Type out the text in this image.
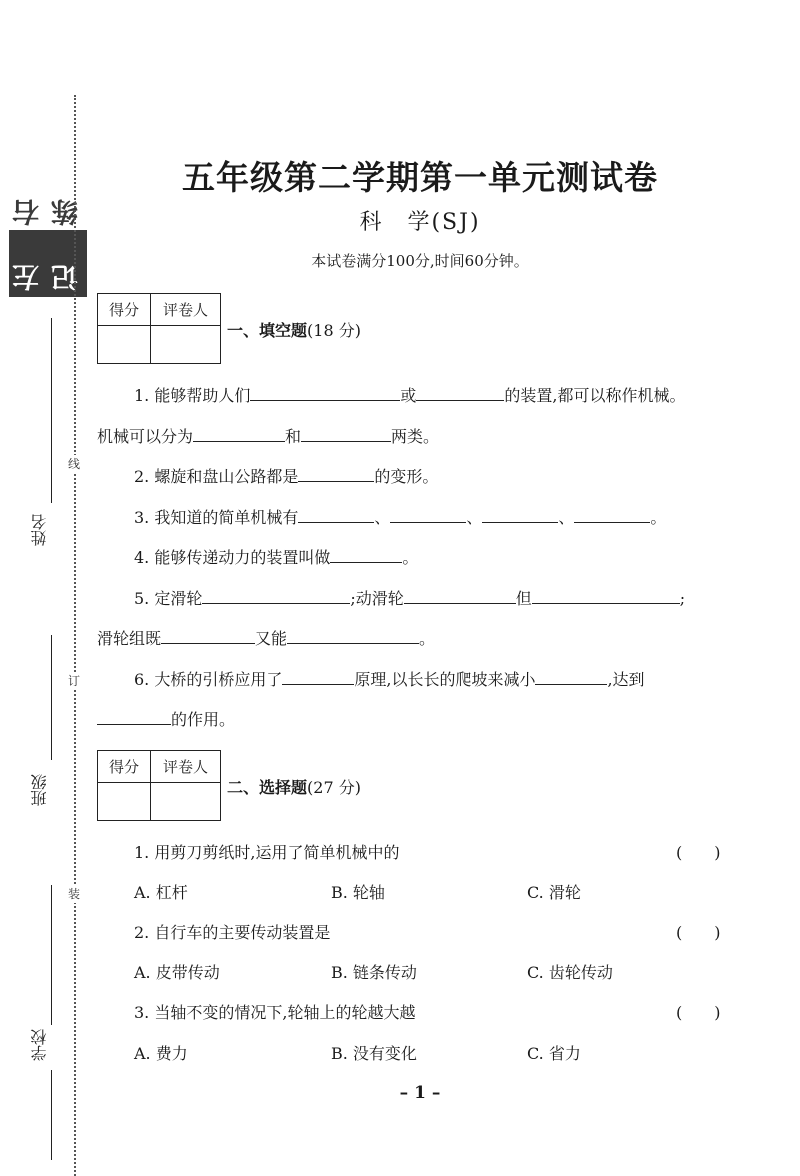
左记
右练
线
订
装
姓名
班级
学校
五年级第二学期第一单元测试卷
科　学(SJ)
本试卷满分100分,时间60分钟。
得分	评卷人
一、填空题(18 分)
1. 能够帮助人们	或	的装置,都可以称作机械。
机械可以分为	和	两类。
2. 螺旋和盘山公路都是	的变形。
3. 我知道的简单机械有	、	、	、	。
4. 能够传递动力的装置叫做	。
5. 定滑轮	;动滑轮	但	;
滑轮组既	又能	。
6. 大桥的引桥应用了	原理,以长长的爬坡来减小	,达到
的作用。
得分	评卷人
二、选择题(27 分)
1. 用剪刀剪纸时,运用了简单机械中的	(　　)
A. 杠杆	B. 轮轴	C. 滑轮
2. 自行车的主要传动装置是	(　　)
A. 皮带传动	B. 链条传动	C. 齿轮传动
3. 当轴不变的情况下,轮轴上的轮越大越	(　　)
A. 费力	B. 没有变化	C. 省力
– 1 –
